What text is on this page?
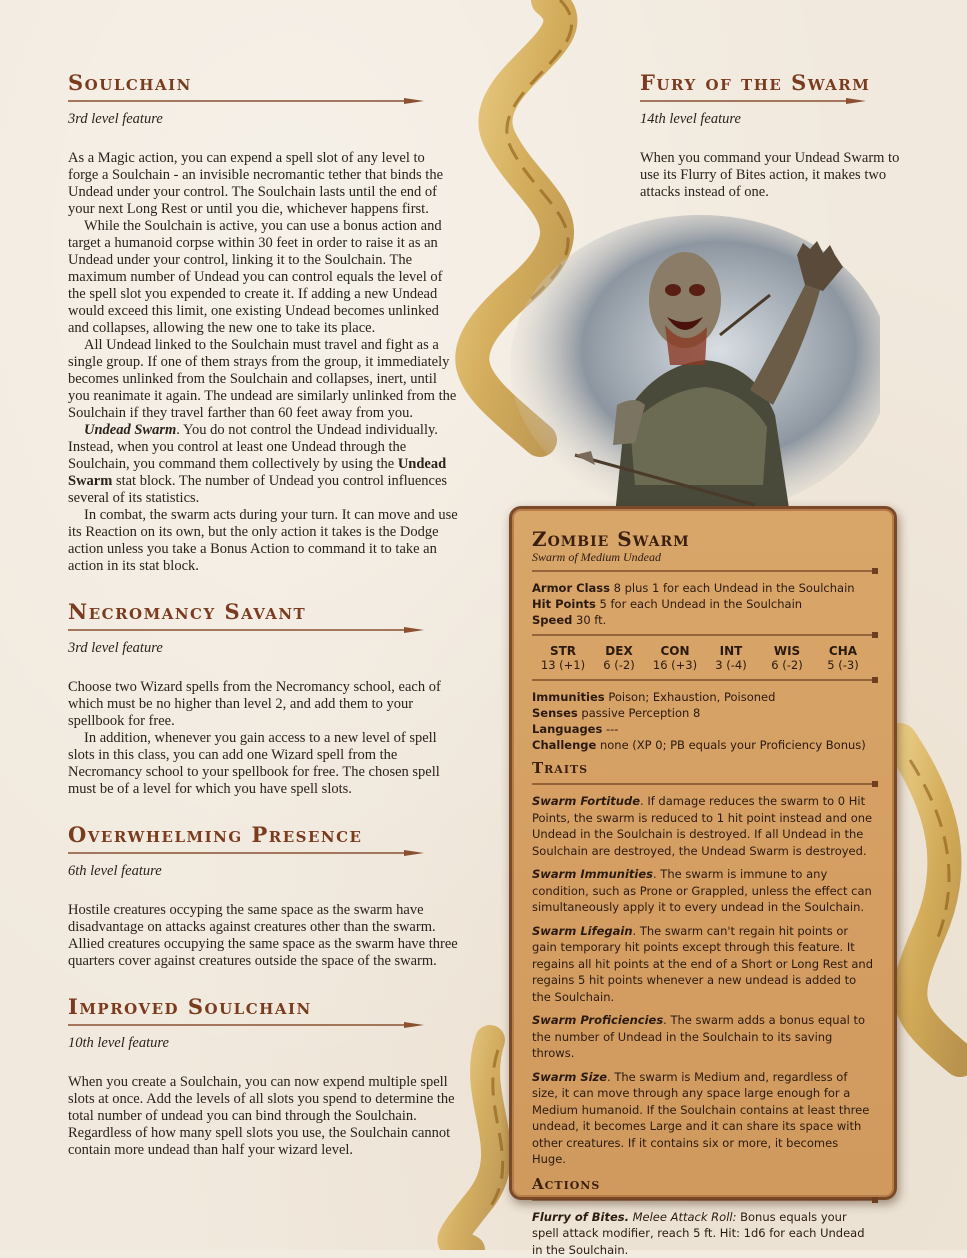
Soulchain

3rd level feature

As a Magic action, you can expend a spell slot of any level to forge a Soulchain - an invisible necromantic tether that binds the Undead under your control. The Soulchain lasts until the end of your next Long Rest or until you die, whichever happens first.

While the Soulchain is active, you can use a bonus action and target a humanoid corpse within 30 feet in order to raise it as an Undead under your control, linking it to the Soulchain. The maximum number of Undead you can control equals the level of the spell slot you expended to create it. If adding a new Undead would exceed this limit, one existing Undead becomes unlinked and collapses, allowing the new one to take its place.

All Undead linked to the Soulchain must travel and fight as a single group. If one of them strays from the group, it immediately becomes unlinked from the Soulchain and collapses, inert, until you reanimate it again. The undead are similarly unlinked from the Soulchain if they travel farther than 60 feet away from you.

Undead Swarm. You do not control the Undead individually. Instead, when you control at least one Undead through the Soulchain, you command them collectively by using the Undead Swarm stat block. The number of Undead you control influences several of its statistics.

In combat, the swarm acts during your turn. It can move and use its Reaction on its own, but the only action it takes is the Dodge action unless you take a Bonus Action to command it to take an action in its stat block.

Necromancy Savant

3rd level feature

Choose two Wizard spells from the Necromancy school, each of which must be no higher than level 2, and add them to your spellbook for free.

In addition, whenever you gain access to a new level of spell slots in this class, you can add one Wizard spell from the Necromancy school to your spellbook for free. The chosen spell must be of a level for which you have spell slots.

Overwhelming Presence

6th level feature

Hostile creatures occyping the same space as the swarm have disadvantage on attacks against creatures other than the swarm. Allied creatures occupying the same space as the swarm have three quarters cover against creatures outside the space of the swarm.

Improved Soulchain

10th level feature

When you create a Soulchain, you can now expend multiple spell slots at once. Add the levels of all slots you spend to determine the total number of undead you can bind through the Soulchain. Regardless of how many spell slots you use, the Soulchain cannot contain more undead than half your wizard level.

Fury of the Swarm

14th level feature

When you command your Undead Swarm to use its Flurry of Bites action, it makes two attacks instead of one.

Zombie Swarm

Swarm of Medium Undead

Armor Class 8 plus 1 for each Undead in the Soulchain

Hit Points 5 for each Undead in the Soulchain

Speed 30 ft.

STR
13 (+1)
DEX
6 (-2)
CON
16 (+3)
INT
3 (-4)
WIS
6 (-2)
CHA
5 (-3)

Immunities Poison; Exhaustion, Poisoned

Senses passive Perception 8

Languages ---

Challenge none (XP 0; PB equals your Proficiency Bonus)

Traits

Swarm Fortitude. If damage reduces the swarm to 0 Hit Points, the swarm is reduced to 1 hit point instead and one Undead in the Soulchain is destroyed. If all Undead in the Soulchain are destroyed, the Undead Swarm is destroyed.

Swarm Immunities. The swarm is immune to any condition, such as Prone or Grappled, unless the effect can simultaneously apply it to every undead in the Soulchain.

Swarm Lifegain. The swarm can't regain hit points or gain temporary hit points except through this feature. It regains all hit points at the end of a Short or Long Rest and regains 5 hit points whenever a new undead is added to the Soulchain.

Swarm Proficiencies. The swarm adds a bonus equal to the number of Undead in the Soulchain to its saving throws.

Swarm Size. The swarm is Medium and, regardless of size, it can move through any space large enough for a Medium humanoid. If the Soulchain contains at least three undead, it becomes Large and it can share its space with other creatures. If it contains six or more, it becomes Huge.

Actions

Flurry of Bites. Melee Attack Roll: Bonus equals your spell attack modifier, reach 5 ft. Hit: 1d6 for each Undead in the Soulchain.
